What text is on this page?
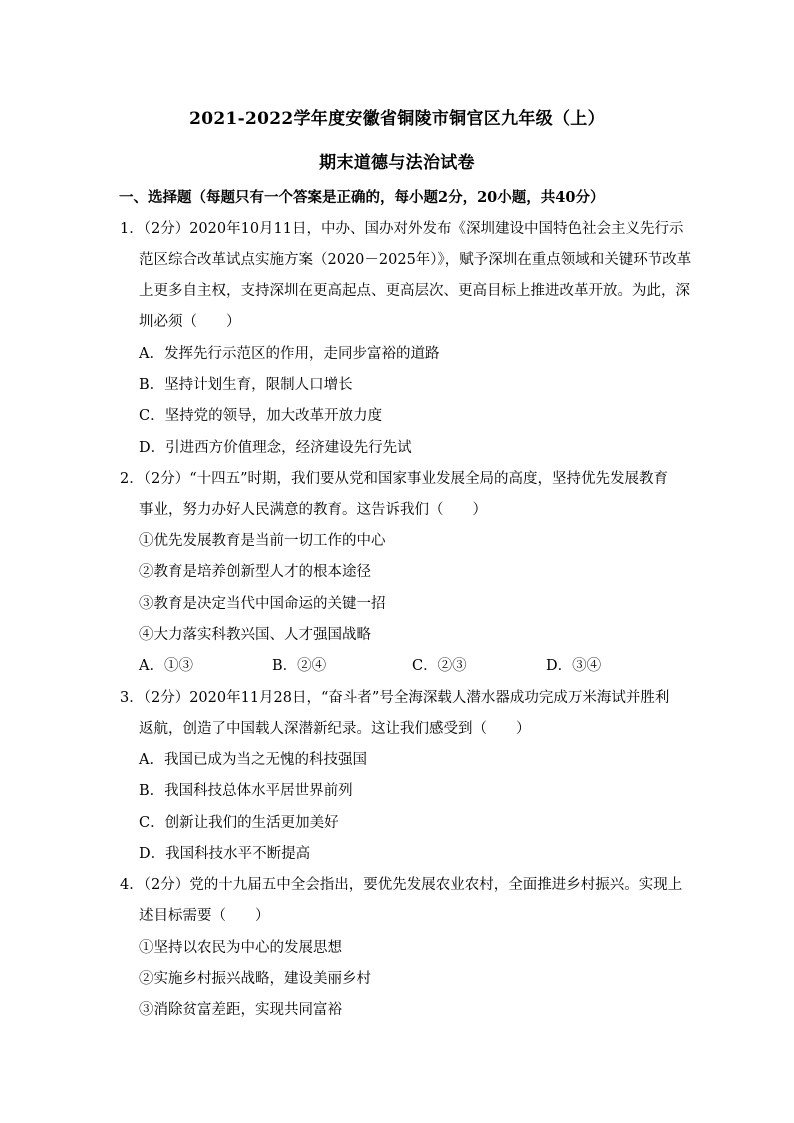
2021-2022学年度安徽省铜陵市铜官区九年级（上）
期末道德与法治试卷
一、选择题（每题只有一个答案是正确的，每小题2分，20小题，共40分）
1．（2分）2020年10月11日，中办、国办对外发布《深圳建设中国特色社会主义先行示
范区综合改革试点实施方案（2020－2025年）》，赋予深圳在重点领域和关键环节改革
上更多自主权，支持深圳在更高起点、更高层次、更高目标上推进改革开放。为此，深
圳必须（　　）
A．发挥先行示范区的作用，走同步富裕的道路
B．坚持计划生育，限制人口增长
C．坚持党的领导，加大改革开放力度
D．引进西方价值理念，经济建设先行先试
2．（2分）“十四五”时期，我们要从党和国家事业发展全局的高度，坚持优先发展教育
事业，努力办好人民满意的教育。这告诉我们（　　）
①优先发展教育是当前一切工作的中心
②教育是培养创新型人才的根本途径
③教育是决定当代中国命运的关键一招
④大力落实科教兴国、人才强国战略
A．①③	B．②④	C．②③	D．③④
3．（2分）2020年11月28日，“奋斗者”号全海深载人潜水器成功完成万米海试并胜利
返航，创造了中国载人深潜新纪录。这让我们感受到（　　）
A．我国已成为当之无愧的科技强国
B．我国科技总体水平居世界前列
C．创新让我们的生活更加美好
D．我国科技水平不断提高
4．（2分）党的十九届五中全会指出，要优先发展农业农村，全面推进乡村振兴。实现上
述目标需要（　　）
①坚持以农民为中心的发展思想
②实施乡村振兴战略，建设美丽乡村
③消除贫富差距，实现共同富裕
